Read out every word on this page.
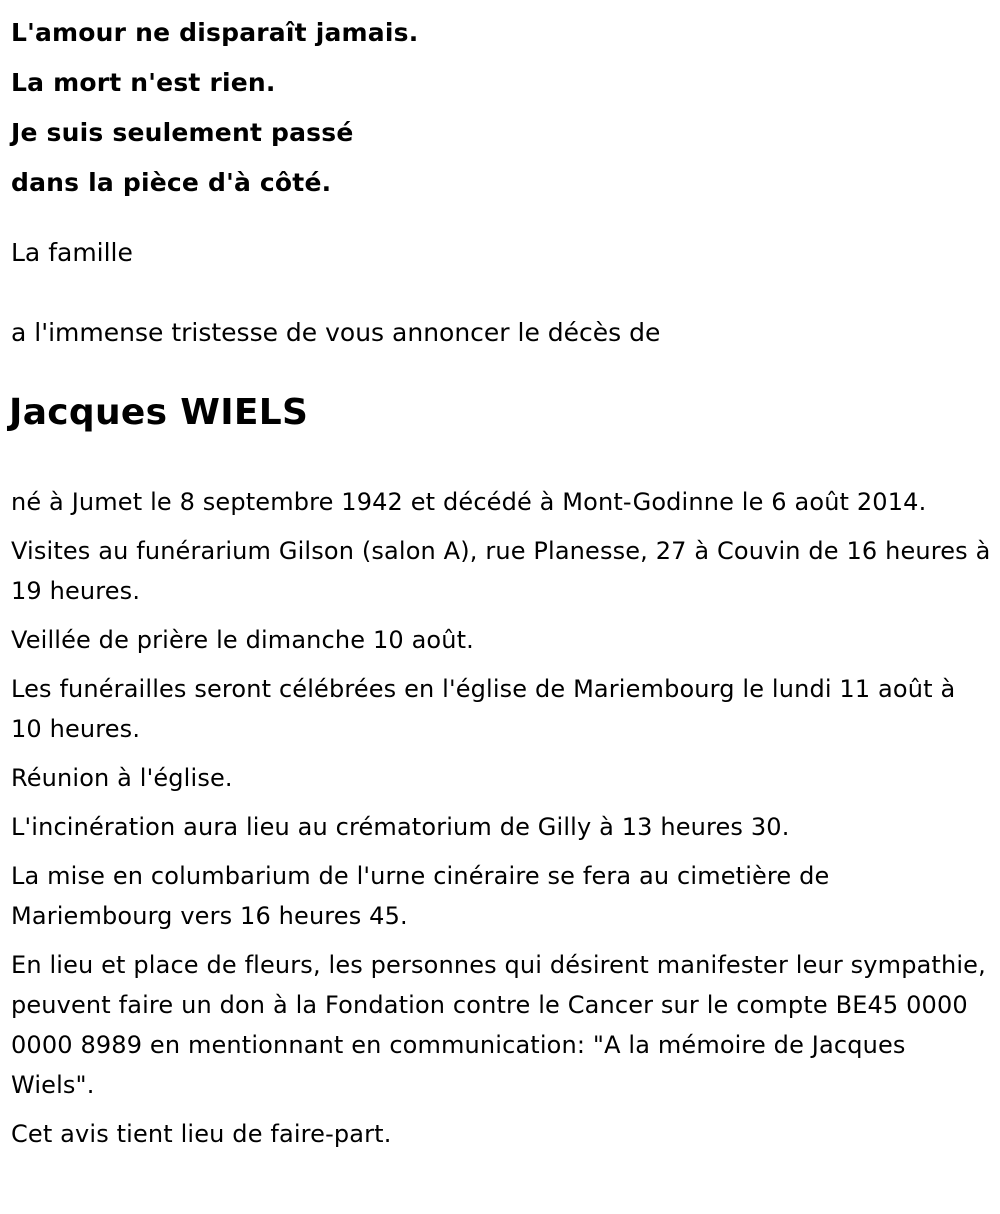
L'amour ne disparaît jamais.
La mort n'est rien.
Je suis seulement passé
dans la pièce d'à côté.

La famille

a l'immense tristesse de vous annoncer le décès de

Jacques WIELS
né à Jumet le 8 septembre 1942 et décédé à Mont-Godinne le 6 août 2014.
Visites au funérarium Gilson (salon A), rue Planesse, 27 à Couvin de 16 heures à 19 heures.
Veillée de prière le dimanche 10 août.
Les funérailles seront célébrées en l'église de Mariembourg le lundi 11 août à 10 heures.
Réunion à l'église.
L'incinération aura lieu au crématorium de Gilly à 13 heures 30.
La mise en columbarium de l'urne cinéraire se fera au cimetière de Mariembourg vers 16 heures 45.
En lieu et place de fleurs, les personnes qui désirent manifester leur sympathie, peuvent faire un don à la Fondation contre le Cancer sur le compte BE45 0000 0000 8989 en mentionnant en communication: "A la mémoire de Jacques Wiels".
Cet avis tient lieu de faire-part.
